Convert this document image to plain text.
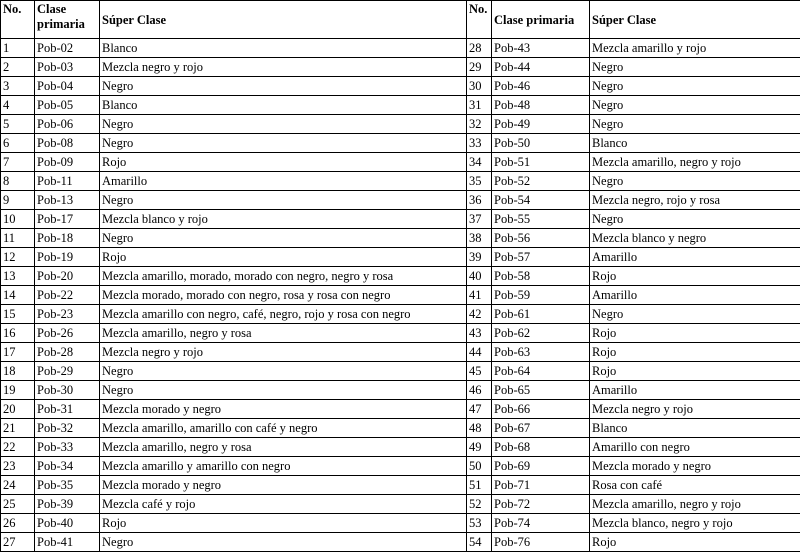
No.	Clase primaria	Súper Clase	No.	Clase primaria	Súper Clase
1	Pob-02	Blanco	28	Pob-43	Mezcla amarillo y rojo
2	Pob-03	Mezcla negro y rojo	29	Pob-44	Negro
3	Pob-04	Negro	30	Pob-46	Negro
4	Pob-05	Blanco	31	Pob-48	Negro
5	Pob-06	Negro	32	Pob-49	Negro
6	Pob-08	Negro	33	Pob-50	Blanco
7	Pob-09	Rojo	34	Pob-51	Mezcla amarillo, negro y rojo
8	Pob-11	Amarillo	35	Pob-52	Negro
9	Pob-13	Negro	36	Pob-54	Mezcla negro, rojo y rosa
10	Pob-17	Mezcla blanco y rojo	37	Pob-55	Negro
11	Pob-18	Negro	38	Pob-56	Mezcla blanco y negro
12	Pob-19	Rojo	39	Pob-57	Amarillo
13	Pob-20	Mezcla amarillo, morado, morado con negro, negro y rosa	40	Pob-58	Rojo
14	Pob-22	Mezcla morado, morado con negro, rosa y rosa con negro	41	Pob-59	Amarillo
15	Pob-23	Mezcla amarillo con negro, café, negro, rojo y rosa con negro	42	Pob-61	Negro
16	Pob-26	Mezcla amarillo, negro y rosa	43	Pob-62	Rojo
17	Pob-28	Mezcla negro y rojo	44	Pob-63	Rojo
18	Pob-29	Negro	45	Pob-64	Rojo
19	Pob-30	Negro	46	Pob-65	Amarillo
20	Pob-31	Mezcla morado y negro	47	Pob-66	Mezcla negro y rojo
21	Pob-32	Mezcla amarillo, amarillo con café y negro	48	Pob-67	Blanco
22	Pob-33	Mezcla amarillo, negro y rosa	49	Pob-68	Amarillo con negro
23	Pob-34	Mezcla amarillo y amarillo con negro	50	Pob-69	Mezcla morado y negro
24	Pob-35	Mezcla morado y negro	51	Pob-71	Rosa con café
25	Pob-39	Mezcla café y rojo	52	Pob-72	Mezcla amarillo, negro y rojo
26	Pob-40	Rojo	53	Pob-74	Mezcla blanco, negro y rojo
27	Pob-41	Negro	54	Pob-76	Rojo
